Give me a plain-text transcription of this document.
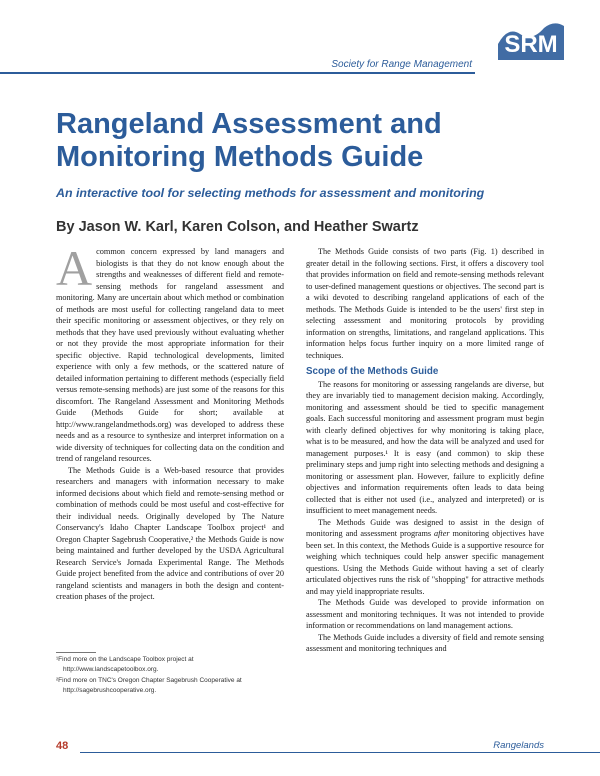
SRM
Society for Range Management
Rangeland Assessment and Monitoring Methods Guide
An interactive tool for selecting methods for assessment and monitoring
By Jason W. Karl, Karen Colson, and Heather Swartz

Acommon concern expressed by land managers and biologists is that they do not know enough about the strengths and weaknesses of different field and remote-sensing methods for rangeland assessment and monitoring. Many are uncertain about which method or combination of methods are most useful for collecting rangeland data to meet their specific monitoring or assessment objectives, or they rely on methods that they have used previously without evaluating whether or not they provide the most appropriate information for their specific objective. Rapid technological developments, limited experience with only a few methods, or the scattered nature of detailed information pertaining to different methods (especially field versus remote-sensing methods) are just some of the reasons for this discomfort. The Rangeland Assessment and Monitoring Methods Guide (Methods Guide for short; available at http://www.rangelandmethods.org) was developed to address these needs and as a resource to synthesize and interpret information on a wide diversity of techniques for collecting data on the condition and trend of rangeland resources.

The Methods Guide is a Web-based resource that provides researchers and managers with information necessary to make informed decisions about which field and remote-sensing method or combination of methods could be most useful and cost-effective for their individual needs. Originally developed by The Nature Conservancy's Idaho Chapter Landscape Toolbox project¹ and Oregon Chapter Sagebrush Cooperative,² the Methods Guide is now being maintained and further developed by the USDA Agricultural Research Service's Jornada Experimental Range. The Methods Guide project benefited from the advice and contributions of over 20 rangeland scientists and managers in both the design and content-creation phases of the project.

¹Find more on the Landscape Toolbox project at http://www.landscapetoolbox.org.

²Find more on TNC's Oregon Chapter Sagebrush Cooperative at http://sagebrushcooperative.org.

The Methods Guide consists of two parts (Fig. 1) described in greater detail in the following sections. First, it offers a discovery tool that provides information on field and remote-sensing methods relevant to user-defined management questions or objectives. The second part is a wiki devoted to describing rangeland applications of each of the methods. The Methods Guide is intended to be the users' first step in selecting assessment and monitoring protocols by providing information on strengths, limitations, and rangeland applications. This information helps focus further inquiry on a more limited range of techniques.

Scope of the Methods Guide

The reasons for monitoring or assessing rangelands are diverse, but they are invariably tied to management decision making. Accordingly, monitoring and assessment should be tied to specific management goals. Each successful monitoring and assessment program must begin with clearly defined objectives for why monitoring is taking place, what is to be measured, and how the data will be analyzed and used for management purposes.¹ It is easy (and common) to skip these preliminary steps and jump right into selecting methods and designing a monitoring or assessment plan. However, failure to explicitly define objectives and information requirements often leads to data being collected that is either not used (i.e., analyzed and interpreted) or is insufficient to meet management needs.

The Methods Guide was designed to assist in the design of monitoring and assessment programs after monitoring objectives have been set. In this context, the Methods Guide is a supportive resource for weighing which techniques could help answer specific management questions. Using the Methods Guide without having a set of clearly articulated objectives runs the risk of "shopping" for attractive methods and may yield inappropriate results.

The Methods Guide was developed to provide information on assessment and monitoring techniques. It was not intended to provide information or recommendations on land management actions.

The Methods Guide includes a diversity of field and remote sensing assessment and monitoring techniques and

48	Rangelands
